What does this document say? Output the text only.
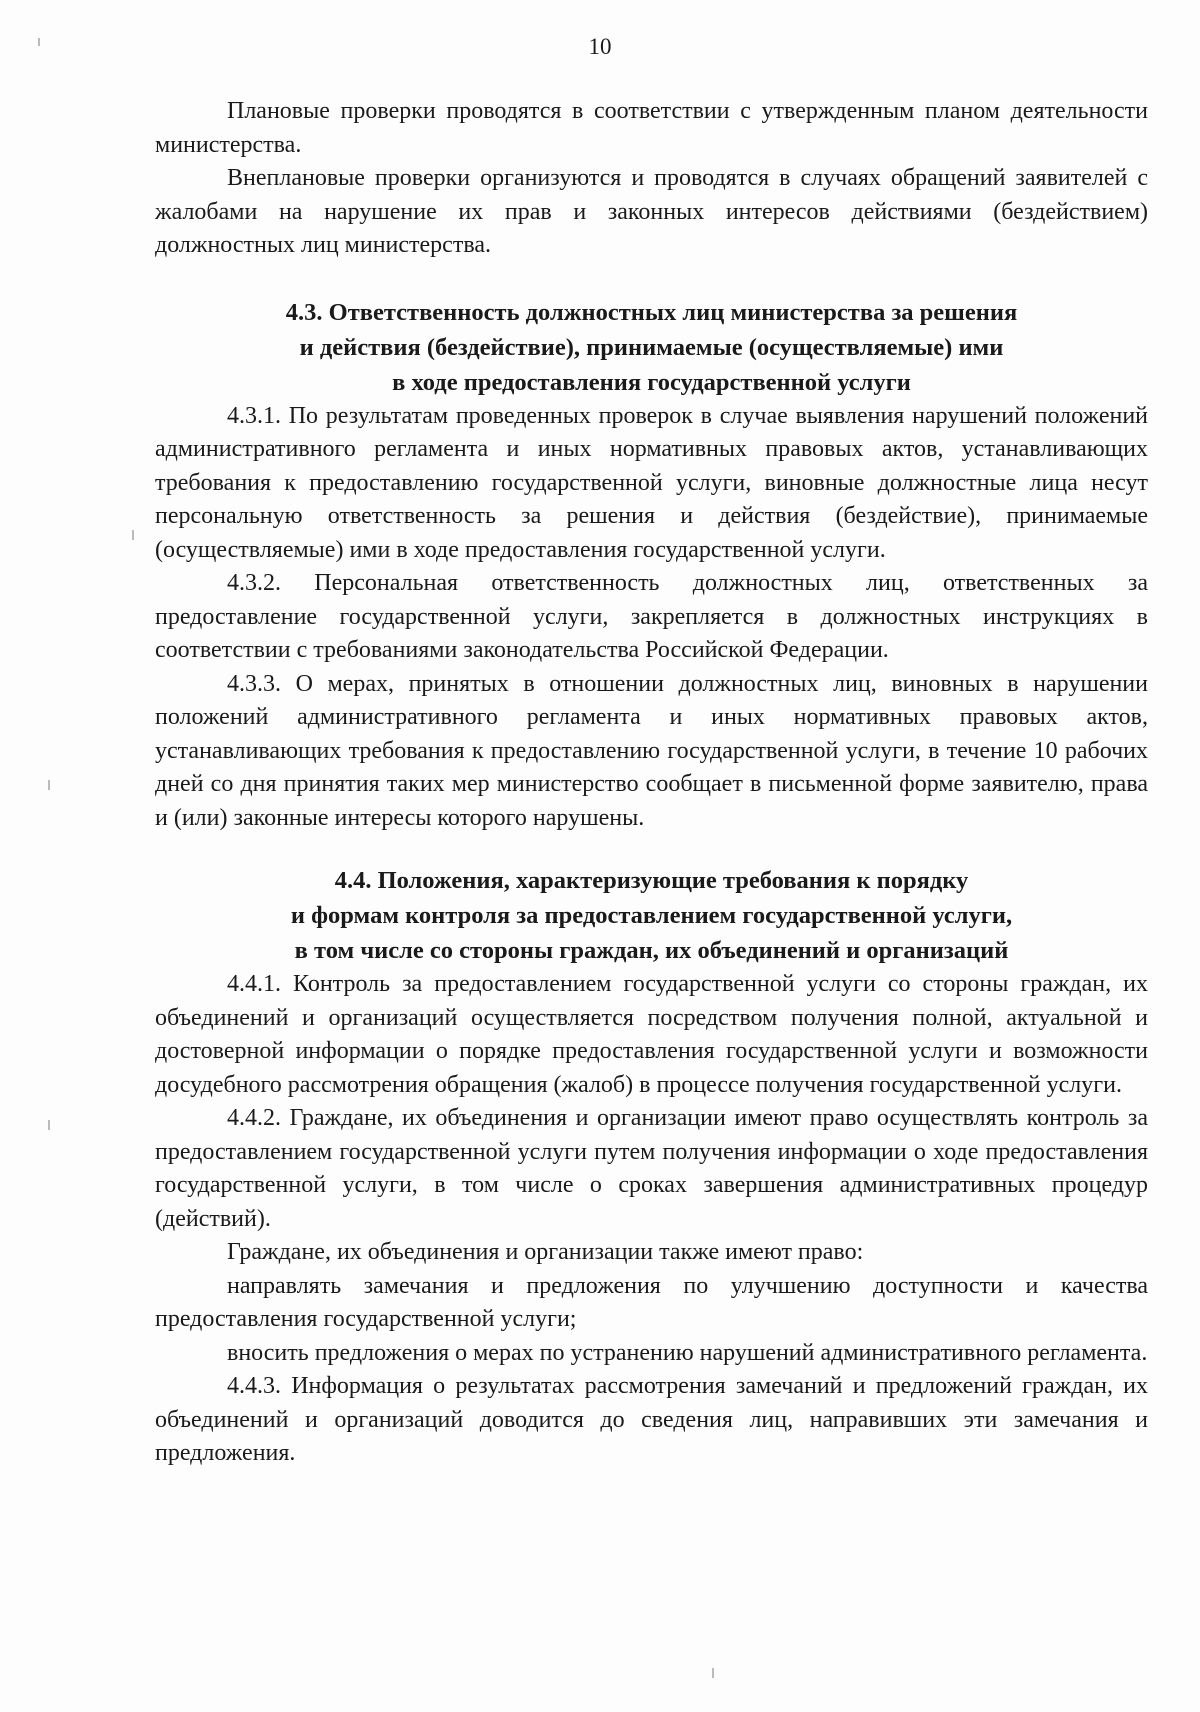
10

Плановые проверки проводятся в соответствии с утвержденным планом деятельности министерства.

Внеплановые проверки организуются и проводятся в случаях обращений заявителей с жалобами на нарушение их прав и законных интересов действиями (бездействием) должностных лиц министерства.

4.3. Ответственность должностных лиц министерства за решения
и действия (бездействие), принимаемые (осуществляемые) ими
в ходе предоставления государственной услуги

4.3.1. По результатам проведенных проверок в случае выявления нарушений положений административного регламента и иных нормативных правовых актов, устанавливающих требования к предоставлению государственной услуги, виновные должностные лица несут персональную ответственность за решения и действия (бездействие), принимаемые (осуществляемые) ими в ходе предоставления государственной услуги.

4.3.2. Персональная ответственность должностных лиц, ответственных за предоставление государственной услуги, закрепляется в должностных инструкциях в соответствии с требованиями законодательства Российской Федерации.

4.3.3. О мерах, принятых в отношении должностных лиц, виновных в нарушении положений административного регламента и иных нормативных правовых актов, устанавливающих требования к предоставлению государственной услуги, в течение 10 рабочих дней со дня принятия таких мер министерство сообщает в письменной форме заявителю, права и (или) законные интересы которого нарушены.

4.4. Положения, характеризующие требования к порядку
и формам контроля за предоставлением государственной услуги,
в том числе со стороны граждан, их объединений и организаций

4.4.1. Контроль за предоставлением государственной услуги со стороны граждан, их объединений и организаций осуществляется посредством получения полной, актуальной и достоверной информации о порядке предоставления государственной услуги и возможности досудебного рассмотрения обращения (жалоб) в процессе получения государственной услуги.

4.4.2. Граждане, их объединения и организации имеют право осуществлять контроль за предоставлением государственной услуги путем получения информации о ходе предоставления государственной услуги, в том числе о сроках завершения административных процедур (действий).

Граждане, их объединения и организации также имеют право:

направлять замечания и предложения по улучшению доступности и качества предоставления государственной услуги;

вносить предложения о мерах по устранению нарушений административного регламента.

4.4.3. Информация о результатах рассмотрения замечаний и предложений граждан, их объединений и организаций доводится до сведения лиц, направивших эти замечания и предложения.
